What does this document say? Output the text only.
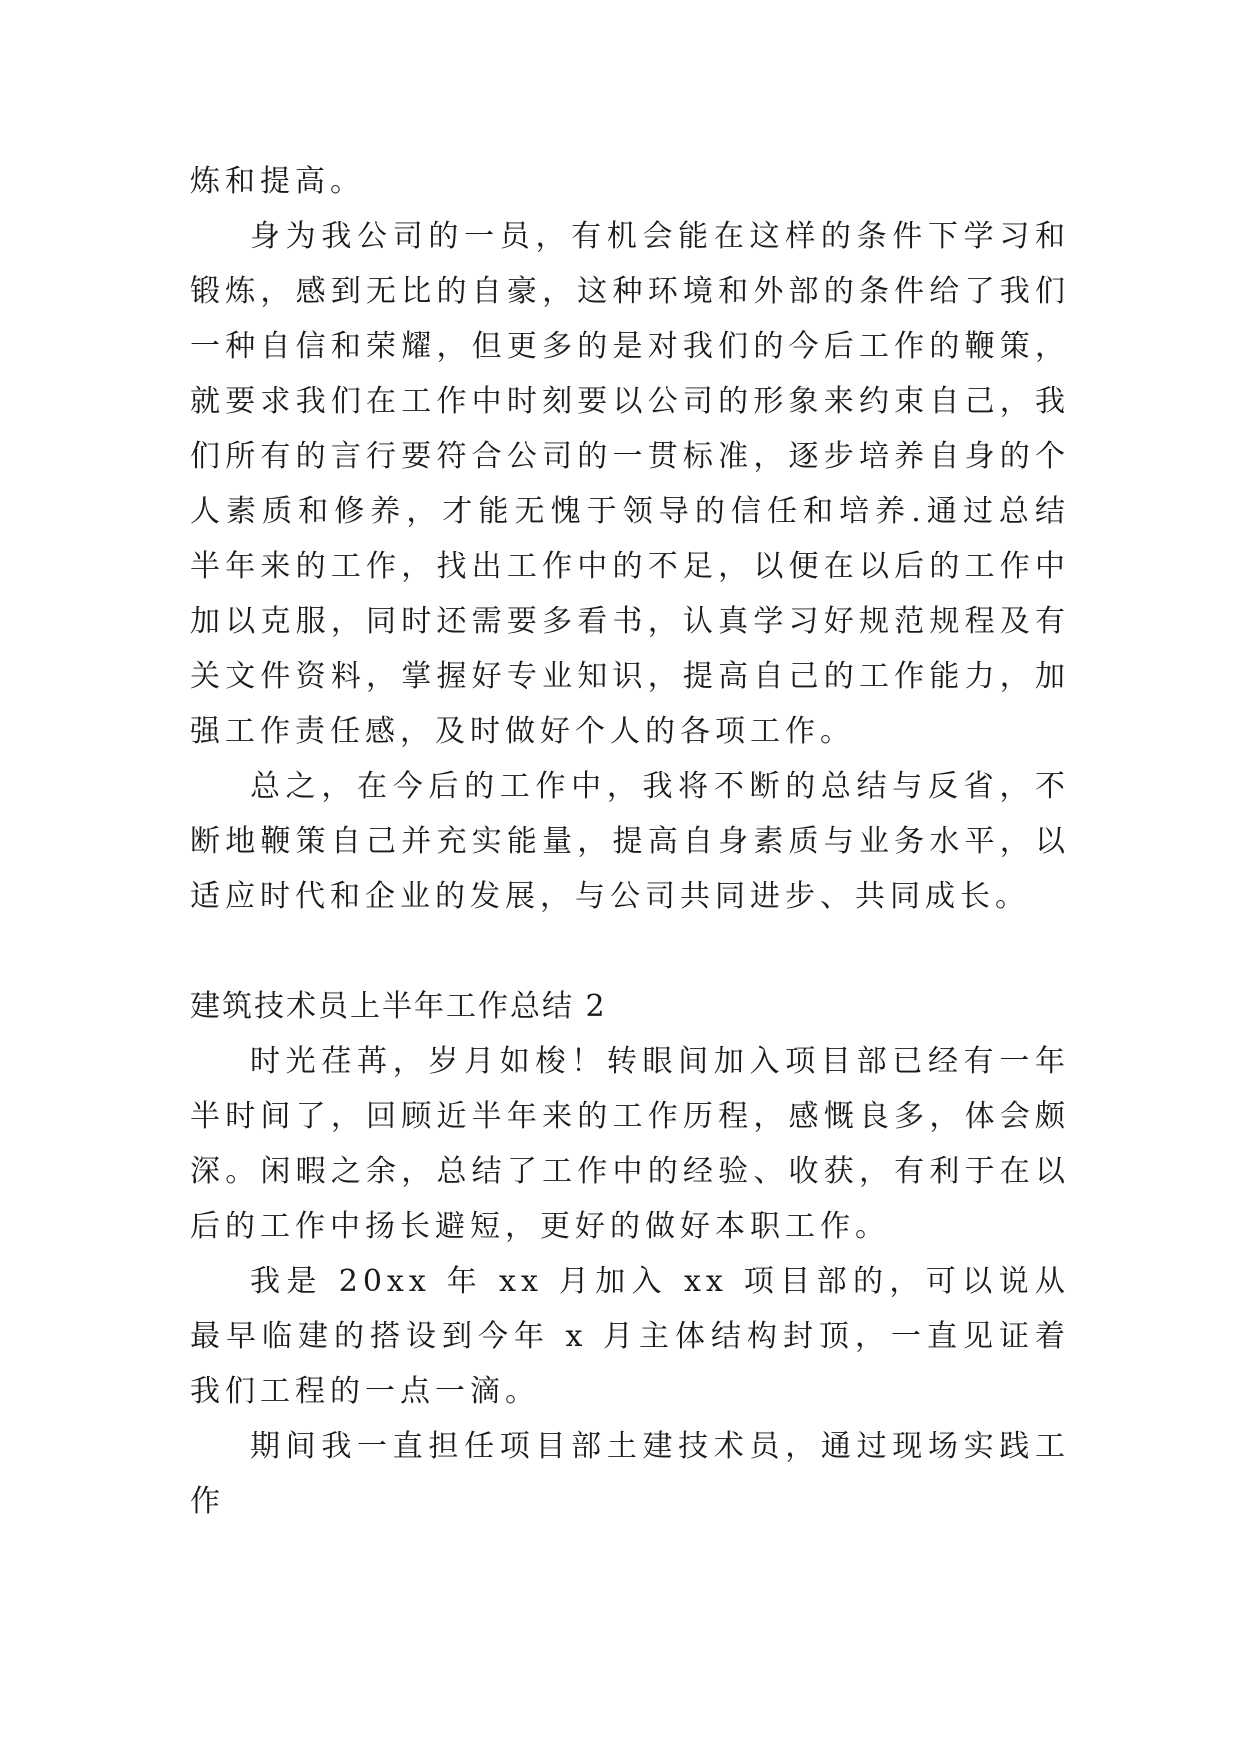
炼和提高。

身为我公司的一员，有机会能在这样的条件下学习和锻炼，感到无比的自豪，这种环境和外部的条件给了我们一种自信和荣耀，但更多的是对我们的今后工作的鞭策，就要求我们在工作中时刻要以公司的形象来约束自己，我们所有的言行要符合公司的一贯标准，逐步培养自身的个人素质和修养，才能无愧于领导的信任和培养.通过总结半年来的工作，找出工作中的不足，以便在以后的工作中加以克服，同时还需要多看书，认真学习好规范规程及有关文件资料，掌握好专业知识，提高自己的工作能力，加强工作责任感，及时做好个人的各项工作。

总之，在今后的工作中，我将不断的总结与反省，不断地鞭策自己并充实能量，提高自身素质与业务水平，以适应时代和企业的发展，与公司共同进步、共同成长。

建筑技术员上半年工作总结 2

时光荏苒，岁月如梭！转眼间加入项目部已经有一年半时间了，回顾近半年来的工作历程，感慨良多，体会颇深。闲暇之余，总结了工作中的经验、收获，有利于在以后的工作中扬长避短，更好的做好本职工作。

我是 20xx 年 xx 月加入 xx 项目部的，可以说从最早临建的搭设到今年 x 月主体结构封顶，一直见证着我们工程的一点一滴。

期间我一直担任项目部土建技术员，通过现场实践工作
